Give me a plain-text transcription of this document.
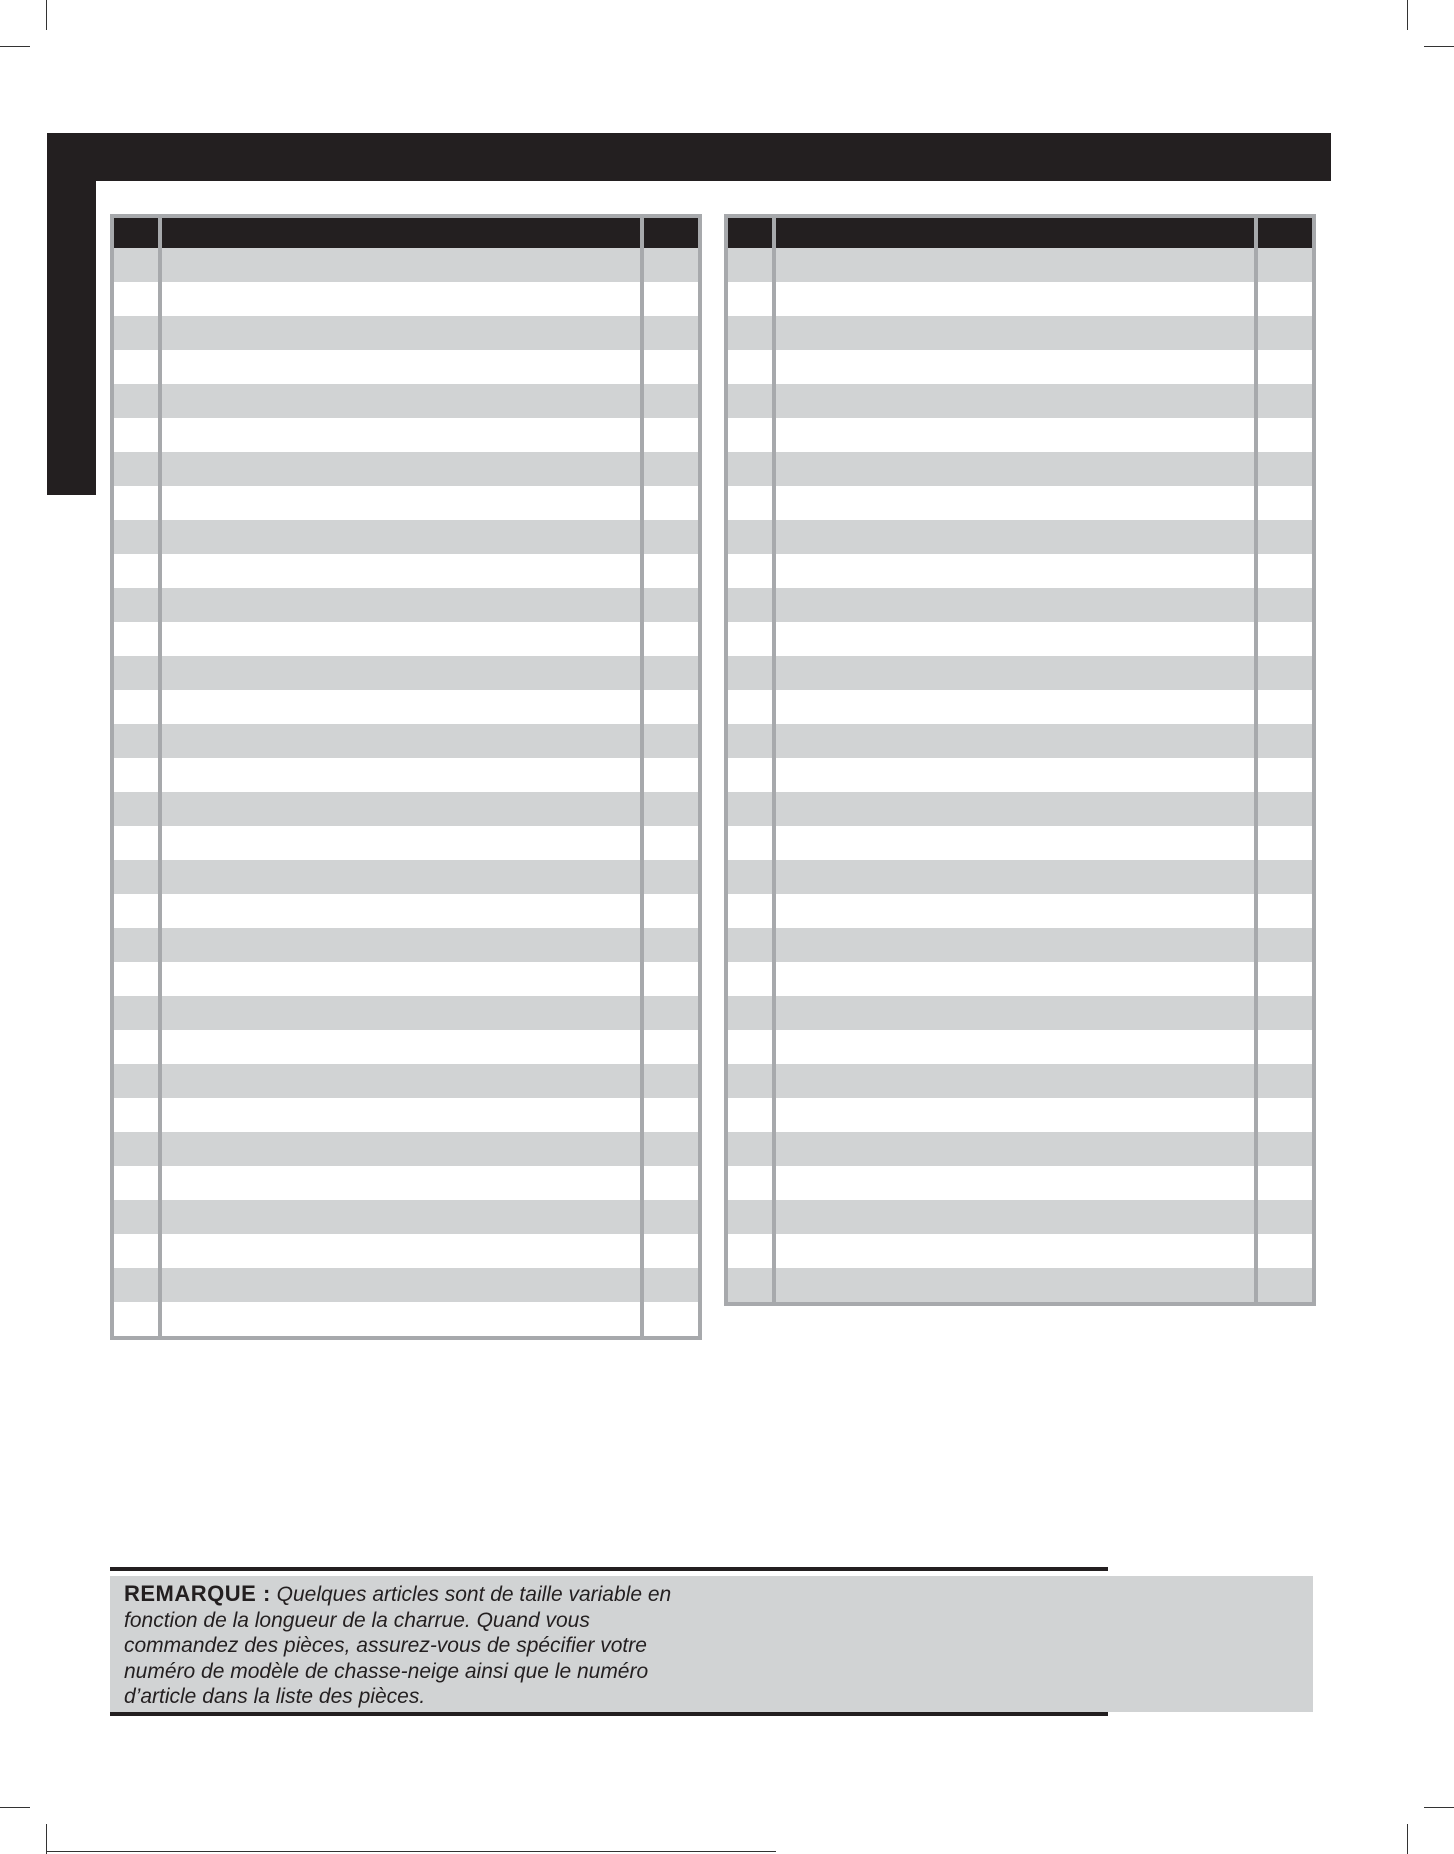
REMARQUE : Quelques articles sont de taille variable en fonction de la longueur de la charrue. Quand vous commandez des pièces, assurez-vous de spécifier votre numéro de modèle de chasse-neige ainsi que le numéro d’article dans la liste des pièces.
